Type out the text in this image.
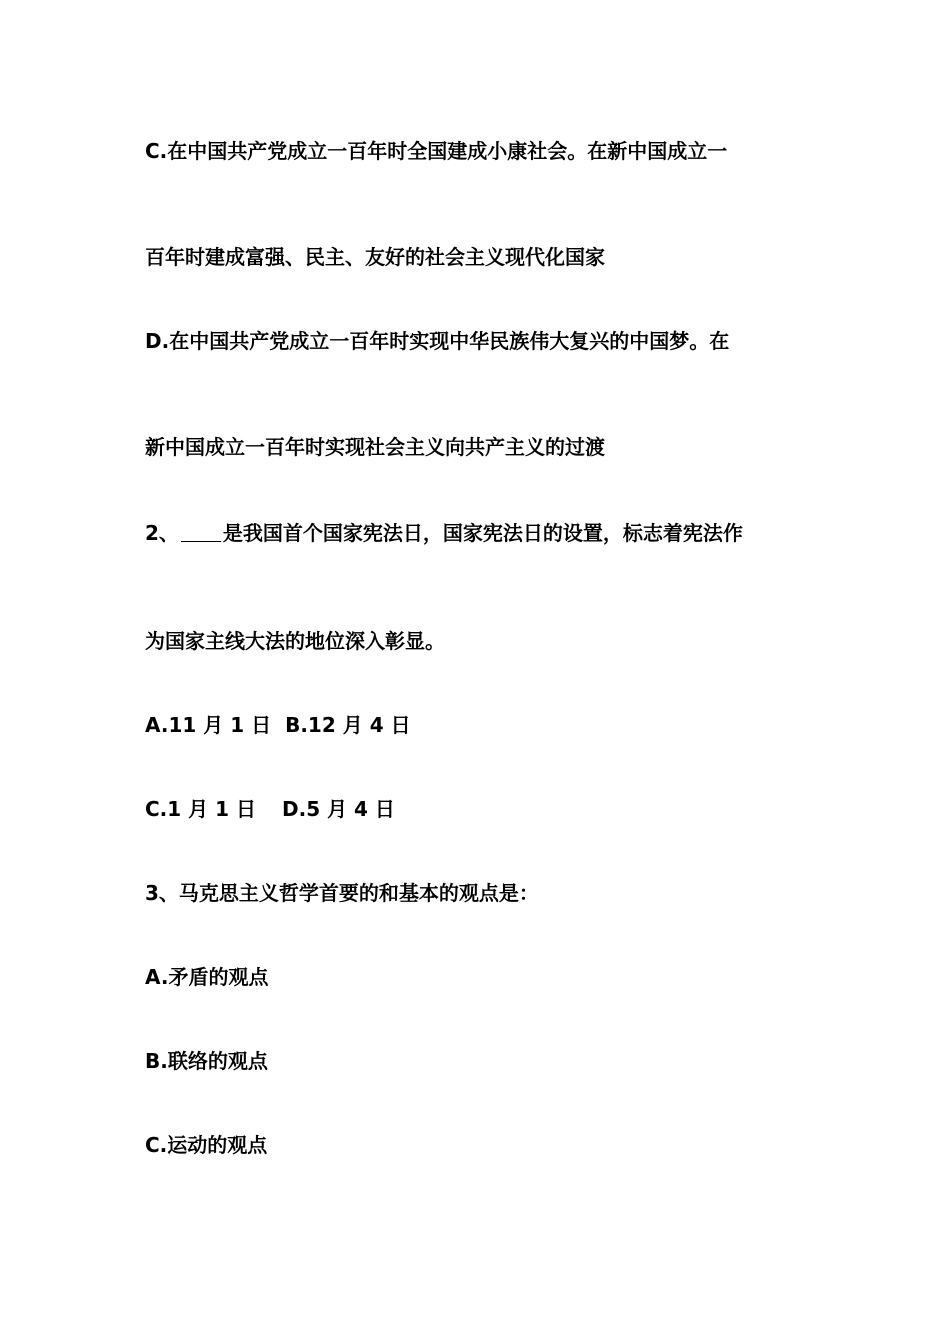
C.在中国共产党成立一百年时全国建成小康社会。在新中国成立一
百年时建成富强、民主、友好的社会主义现代化国家
D.在中国共产党成立一百年时实现中华民族伟大复兴的中国梦。在
新中国成立一百年时实现社会主义向共产主义的过渡
2、 是我国首个国家宪法日，国家宪法日的设置，标志着宪法作
为国家主线大法的地位深入彰显。
A.11 月 1 日 B.12 月 4 日
C.1 月 1 日 D.5 月 4 日
3、马克思主义哲学首要的和基本的观点是：
A.矛盾的观点
B.联络的观点
C.运动的观点
